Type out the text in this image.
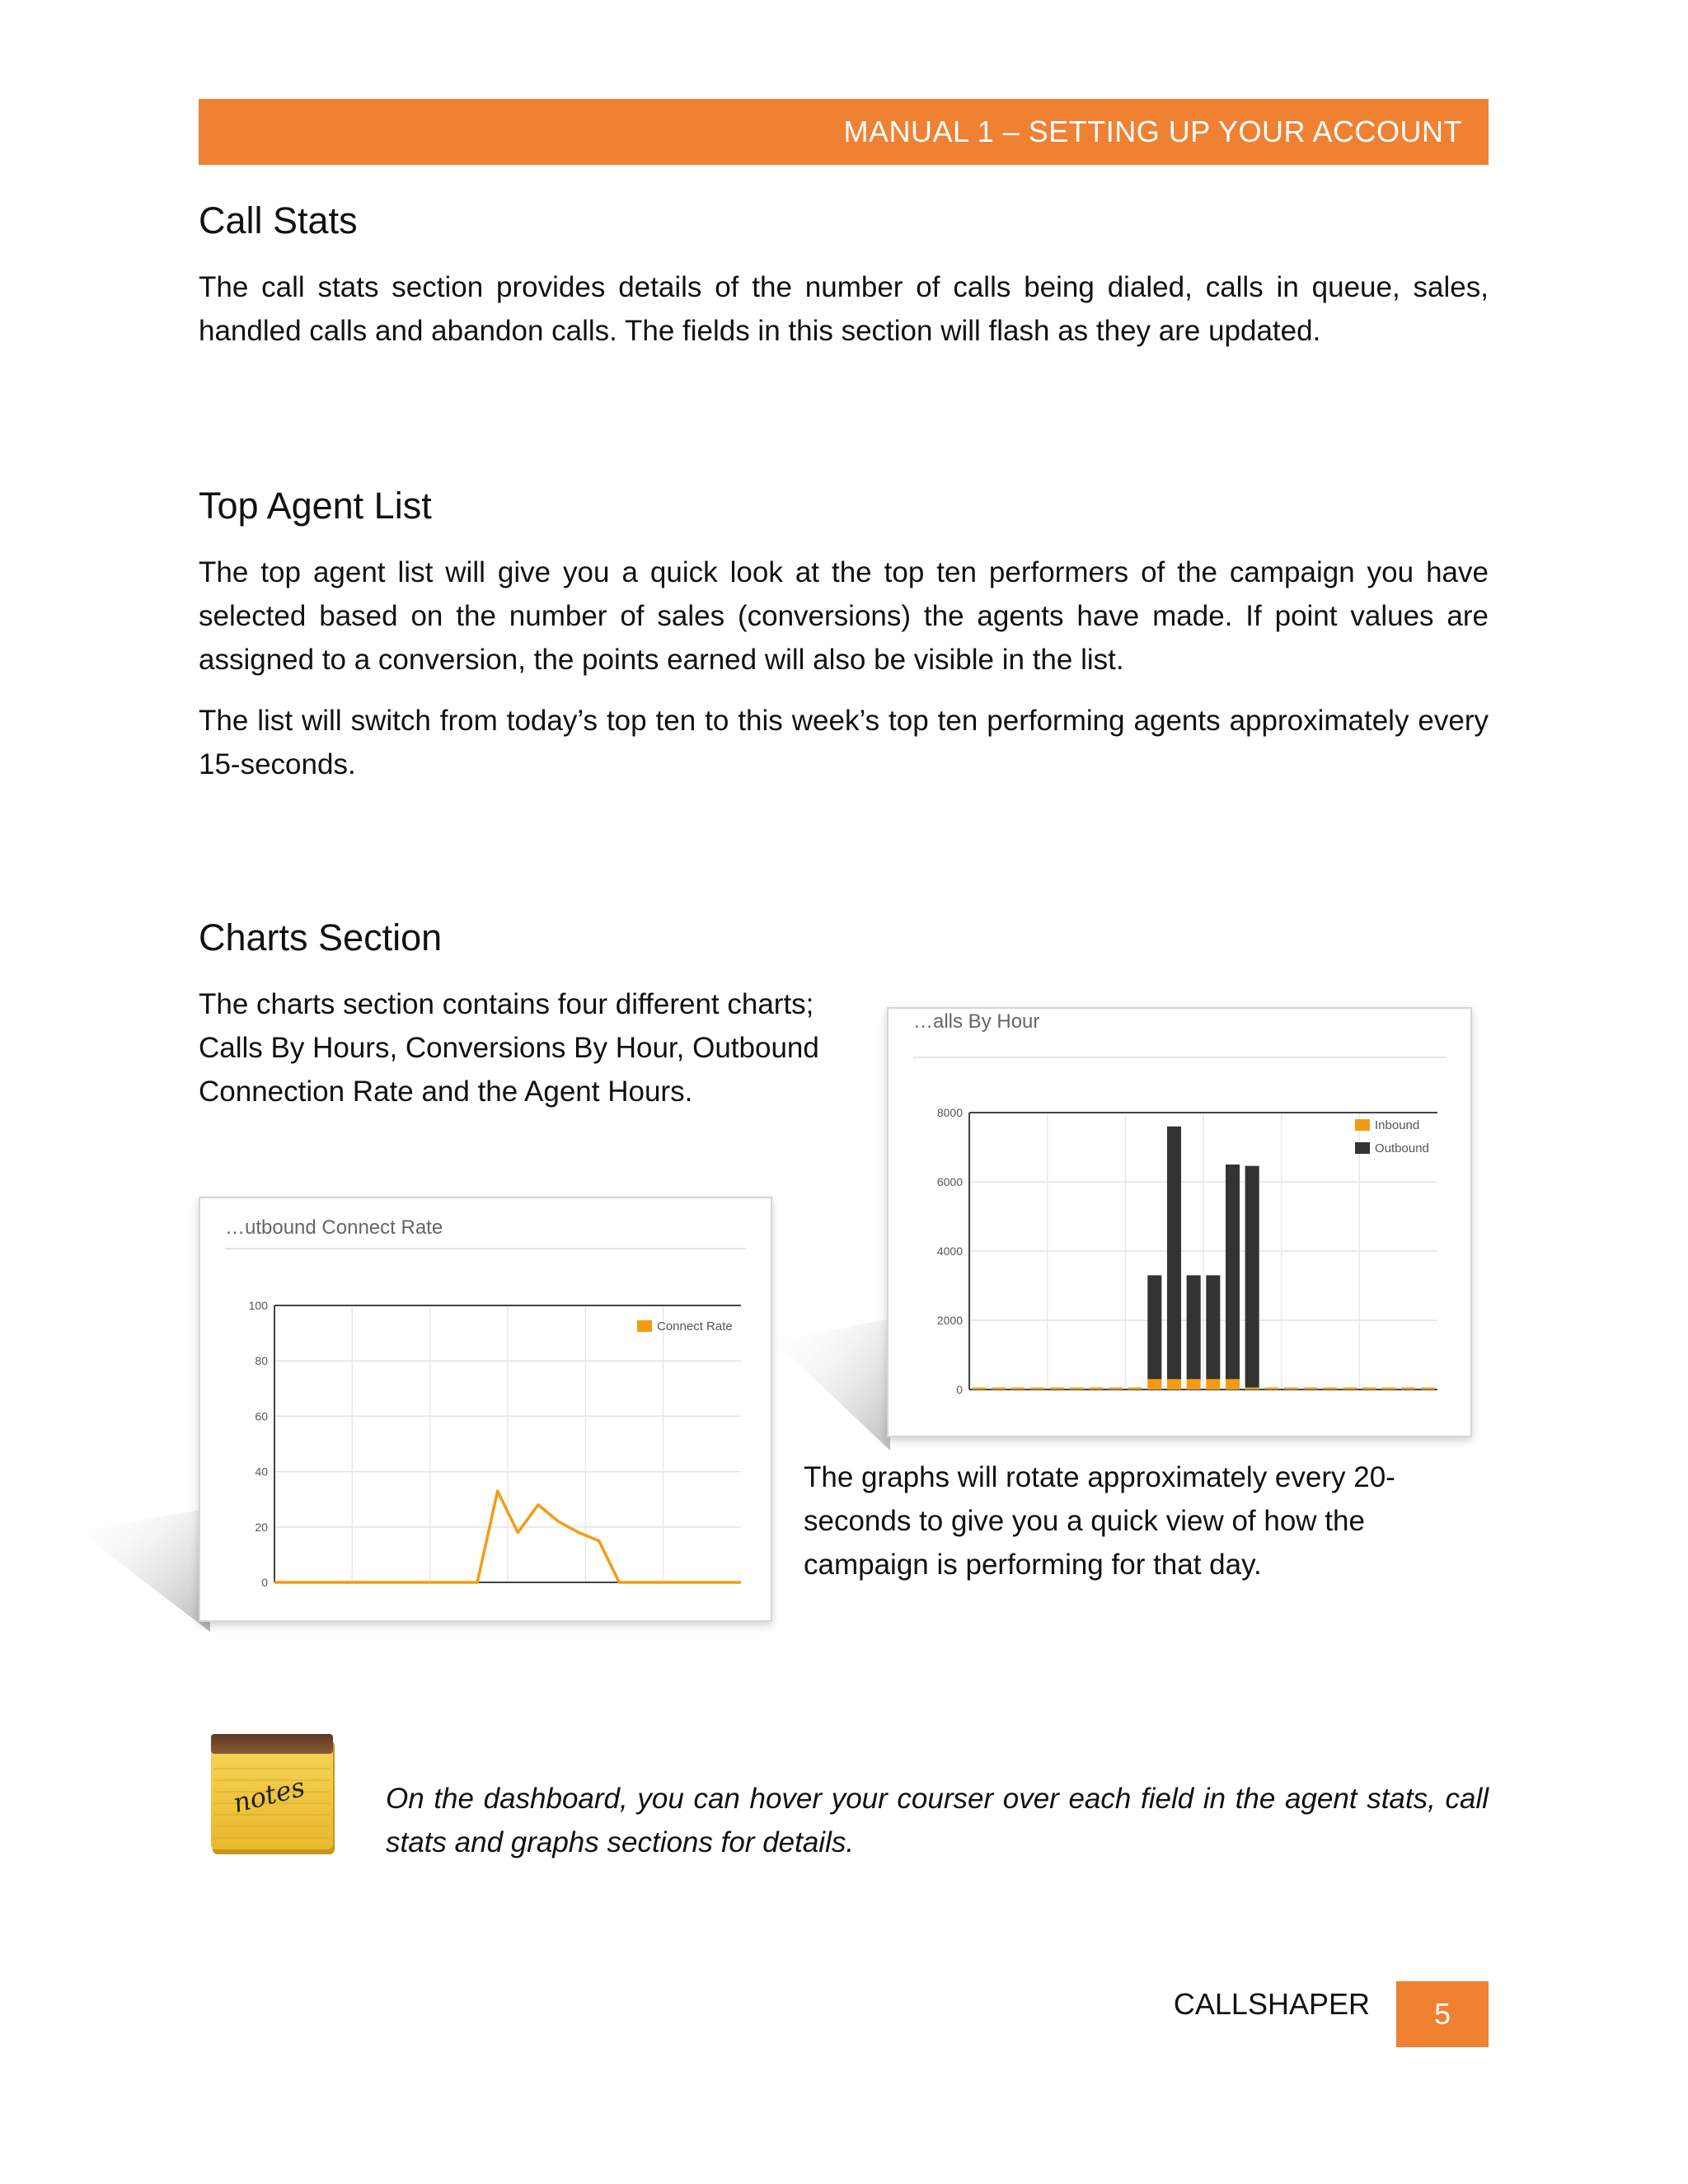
MANUAL 1 – SETTING UP YOUR ACCOUNT
Call Stats

The call stats section provides details of the number of calls being dialed, calls in queue, sales, handled calls and abandon calls. The fields in this section will flash as they are updated.

Top Agent List

The top agent list will give you a quick look at the top ten performers of the campaign you have selected based on the number of sales (conversions) the agents have made. If point values are assigned to a conversion, the points earned will also be visible in the list.

The list will switch from today’s top ten to this week’s top ten performing agents approximately every 15-seconds.

Charts Section

The charts section contains four different charts; Calls By Hours, Conversions By Hour, Outbound Connection Rate and the Agent Hours.

…alls By Hour
0
2000
4000
6000
8000
Inbound
Outbound
…utbound Connect Rate
0
20
40
60
80
100
Connect Rate

The graphs will rotate approximately every 20-seconds to give you a quick view of how the campaign is performing for that day.

notes	On the dashboard, you can hover your courser over each field in the agent stats, call stats and graphs sections for details.

CALLSHAPER 5
